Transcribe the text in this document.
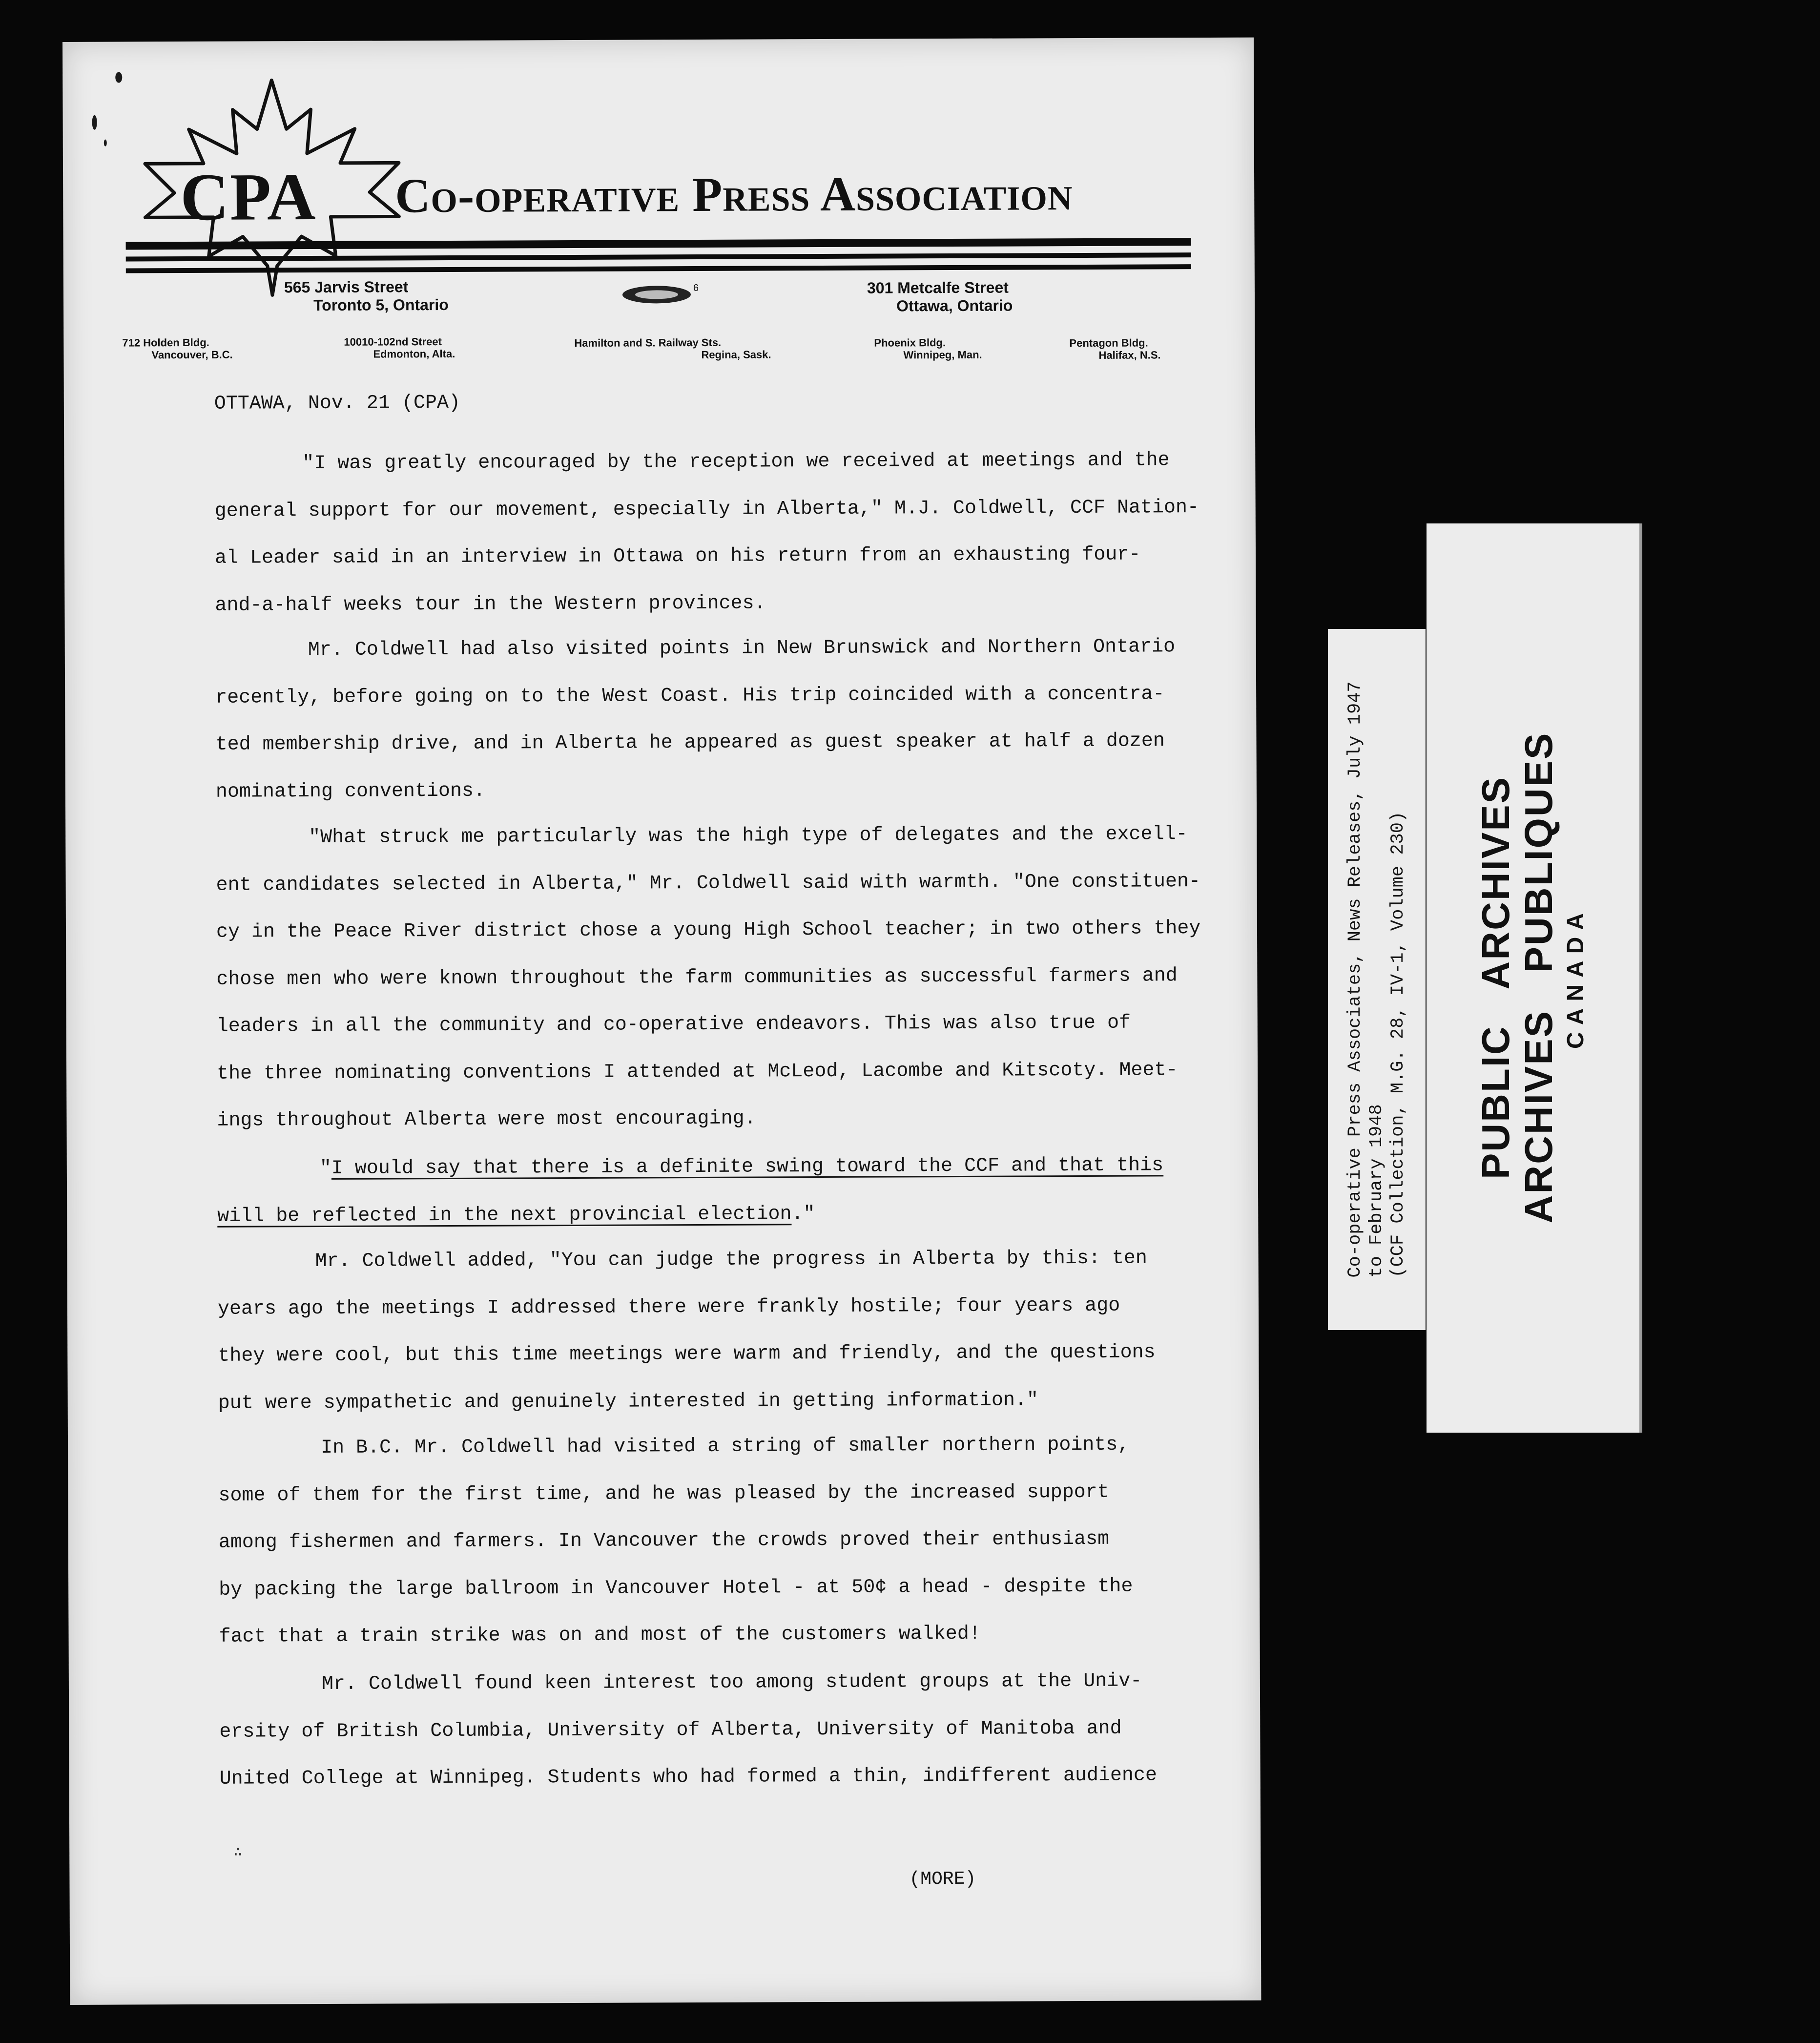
CPA Co-operative Press Association
565 Jarvis Street
Toronto 5, Ontario
6	301 Metcalfe Street
Ottawa, Ontario
712 Holden Bldg.
Vancouver, B.C.
10010-102nd Street
Edmonton, Alta.
Hamilton and S. Railway Sts.
Regina, Sask.
Phoenix Bldg.
Winnipeg, Man.
Pentagon Bldg.
Halifax, N.S.
OTTAWA, Nov. 21 (CPA)
"I was greatly encouraged by the reception we received at meetings and the
general support for our movement, especially in Alberta," M.J. Coldwell, CCF Nation-
al Leader said in an interview in Ottawa on his return from an exhausting four-
and-a-half weeks tour in the Western provinces.
Mr. Coldwell had also visited points in New Brunswick and Northern Ontario
recently, before going on to the West Coast. His trip coincided with a concentra-
ted membership drive, and in Alberta he appeared as guest speaker at half a dozen
nominating conventions.
"What struck me particularly was the high type of delegates and the excell-
ent candidates selected in Alberta," Mr. Coldwell said with warmth. "One constituen-
cy in the Peace River district chose a young High School teacher; in two others they
chose men who were known throughout the farm communities as successful farmers and
leaders in all the community and co-operative endeavors. This was also true of
the three nominating conventions I attended at McLeod, Lacombe and Kitscoty. Meet-
ings throughout Alberta were most encouraging.
"I would say that there is a definite swing toward the CCF and that this
will be reflected in the next provincial election."
Mr. Coldwell added, "You can judge the progress in Alberta by this: ten
years ago the meetings I addressed there were frankly hostile; four years ago
they were cool, but this time meetings were warm and friendly, and the questions
put were sympathetic and genuinely interested in getting information."
In B.C. Mr. Coldwell had visited a string of smaller northern points,
some of them for the first time, and he was pleased by the increased support
among fishermen and farmers. In Vancouver the crowds proved their enthusiasm
by packing the large ballroom in Vancouver Hotel - at 50¢ a head - despite the
fact that a train strike was on and most of the customers walked!
Mr. Coldwell found keen interest too among student groups at the Univ-
ersity of British Columbia, University of Alberta, University of Manitoba and
United College at Winnipeg. Students who had formed a thin, indifferent audience
∴
(MORE)
Co-operative Press Associates, News Releases, July 1947 to February 1948 (CCF Collection, M.G. 28, IV-1, Volume 230) PUBLIC   ARCHIVES ARCHIVES   PUBLIQUES CANADA
